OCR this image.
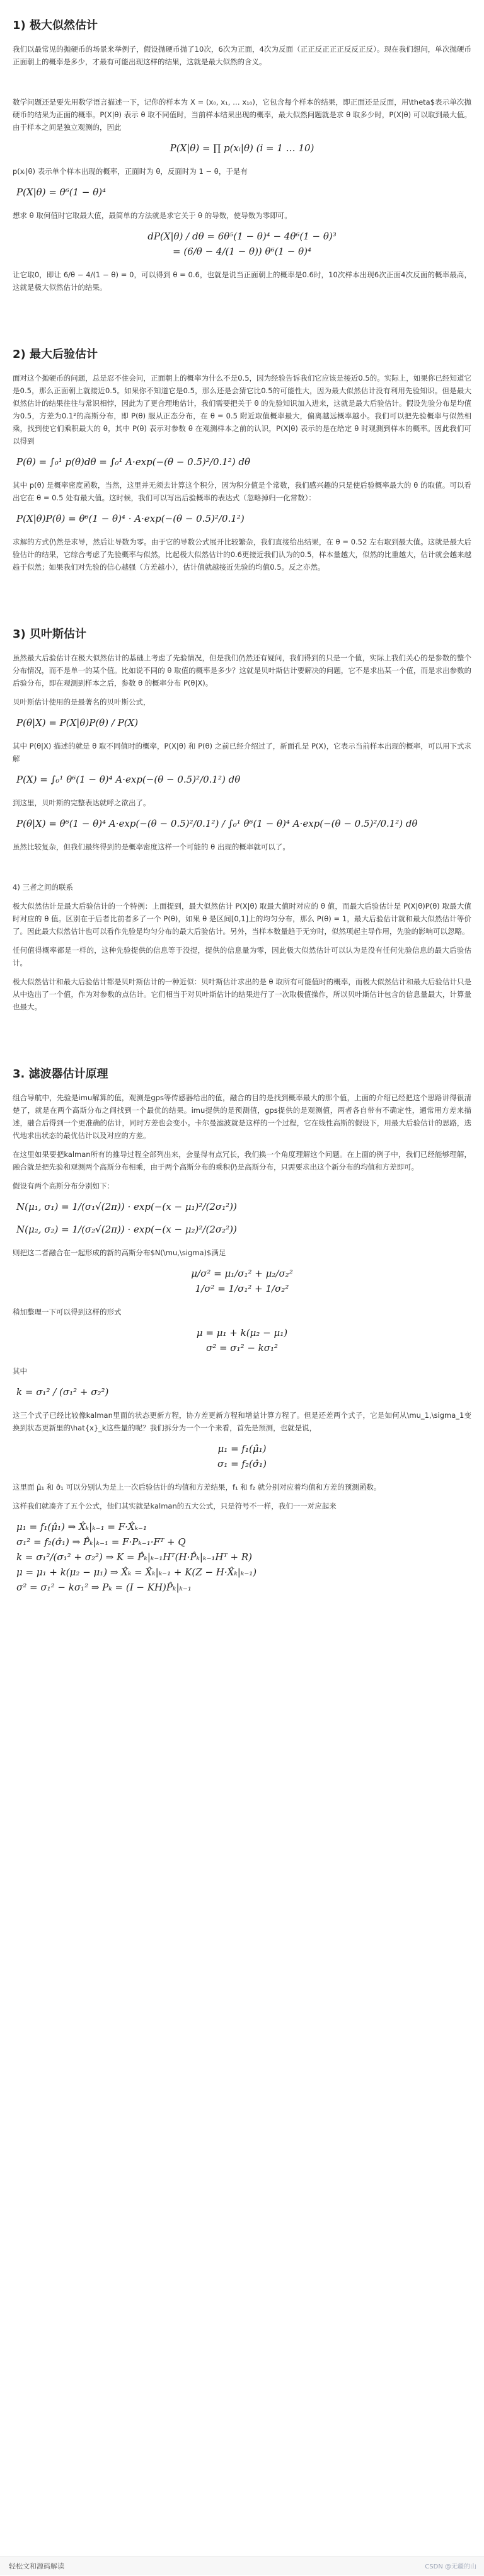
1) 极大似然估计

我们以最常见的抛硬币的场景来举例子，假设抛硬币抛了10次，6次为正面，4次为反面（正正反正正正反反正反）。现在我们想问，单次抛硬币正面朝上的概率是多少，才最有可能出现这样的结果，这就是最大似然的含义。

数学问题还是要先用数学语言描述一下，记你的样本为 X = (x₀, x₁, … x₁₀)，它包含每个样本的结果，即正面还是反面，用\theta$表示单次抛硬币的结果为正面的概率。P(X|θ) 表示 θ 取不同值时，当前样本结果出现的概率，最大似然问题就是求 θ 取多少时，P(X|θ) 可以取到最大值。由于样本之间是独立观测的，因此

P(X|θ) = ∏ p(xᵢ|θ) (i = 1 … 10)

p(xᵢ|θ) 表示单个样本出现的概率，正面时为 θ，反面时为 1 − θ，于是有

P(X|θ) = θ⁶(1 − θ)⁴

想求 θ 取何值时它取最大值，最简单的方法就是求它关于 θ 的导数，使导数为零即可。

dP(X|θ) / dθ = 6θ⁵(1 − θ)⁴ − 4θ⁶(1 − θ)³
= (6/θ − 4/(1 − θ)) θ⁶(1 − θ)⁴

让它取0，即让 6/θ − 4/(1 − θ) = 0，可以得到 θ = 0.6，也就是说当正面朝上的概率是0.6时，10次样本出现6次正面4次反面的概率最高，这就是极大似然估计的结果。

2) 最大后验估计

面对这个抛硬币的问题，总是忍不住会问，正面朝上的概率为什么不是0.5，因为经验告诉我们它应该是接近0.5的。实际上，如果你已经知道它是0.5，那么正面朝上就接近0.5。如果你不知道它是0.5，那么还是会猜它比0.5的可能性大，因为最大似然估计没有利用先验知识。但是最大似然估计的结果往往与常识相悖，因此为了更合理地估计，我们需要把关于 θ 的先验知识加入进来，这就是最大后验估计。假设先验分布是均值为0.5，方差为0.1²的高斯分布，即 P(θ) 服从正态分布，在 θ = 0.5 附近取值概率最大，偏离越远概率越小。我们可以把先验概率与似然相乘，找到使它们乘积最大的 θ，其中 P(θ) 表示对参数 θ 在观测样本之前的认识，P(X|θ) 表示的是在给定 θ 时观测到样本的概率。因此我们可以得到

P(θ) = ∫₀¹ p(θ)dθ = ∫₀¹ A·exp(−(θ − 0.5)²/0.1²) dθ

其中 p(θ) 是概率密度函数，当然，这里并无须去计算这个积分，因为积分值是个常数，我们感兴趣的只是使后验概率最大的 θ 的取值。可以看出它在 θ = 0.5 处有最大值。这时候，我们可以写出后验概率的表达式（忽略掉归一化常数）：

P(X|θ)P(θ) = θ⁶(1 − θ)⁴ · A·exp(−(θ − 0.5)²/0.1²)

求解的方式仍然是求导，然后让导数为零。由于它的导数公式展开比较繁杂，我们直接给出结果，在 θ = 0.52 左右取到最大值。这就是最大后验估计的结果，它综合考虑了先验概率与似然，比起极大似然估计的0.6更接近我们认为的0.5，样本量越大，似然的比重越大，估计就会越来越趋于似然；如果我们对先验的信心越强（方差越小），估计值就越接近先验的均值0.5。反之亦然。

3) 贝叶斯估计

虽然最大后验估计在极大似然估计的基础上考虑了先验情况，但是我们仍然还有疑问，我们得到的只是一个值，实际上我们关心的是参数的整个分布情况，而不是单一的某个值。比如说不同的 θ 取值的概率是多少？这就是贝叶斯估计要解决的问题，它不是求出某一个值，而是求出参数的后验分布，即在观测到样本之后，参数 θ 的概率分布 P(θ|X)。

贝叶斯估计使用的是最著名的贝叶斯公式，

P(θ|X) = P(X|θ)P(θ) / P(X)

其中 P(θ|X) 描述的就是 θ 取不同值时的概率，P(X|θ) 和 P(θ) 之前已经介绍过了，新面孔是 P(X)，它表示当前样本出现的概率，可以用下式求解

P(X) = ∫₀¹ θ⁶(1 − θ)⁴ A·exp(−(θ − 0.5)²/0.1²) dθ

到这里，贝叶斯的完整表达就呼之欲出了。

P(θ|X) = θ⁶(1 − θ)⁴ A·exp(−(θ − 0.5)²/0.1²) / ∫₀¹ θ⁶(1 − θ)⁴ A·exp(−(θ − 0.5)²/0.1²) dθ

虽然比较复杂，但我们最终得到的是概率密度这样一个可能的 θ 出现的概率就可以了。

4) 三者之间的联系

极大似然估计是最大后验估计的一个特例：上面提到，最大似然估计 P(X|θ) 取最大值时对应的 θ 值，而最大后验估计是 P(X|θ)P(θ) 取最大值时对应的 θ 值。区别在于后者比前者多了一个 P(θ)，如果 θ 是区间[0,1]上的均匀分布，那么 P(θ) = 1，最大后验估计就和最大似然估计等价了。因此最大似然估计也可以看作先验是均匀分布的最大后验估计。另外，当样本数量趋于无穷时，似然项起主导作用，先验的影响可以忽略。

任何值得概率都是一样的，这种先验提供的信息等于没提，提供的信息量为零，因此极大似然估计可以认为是没有任何先验信息的最大后验估计。

极大似然估计和最大后验估计都是贝叶斯估计的一种近似：贝叶斯估计求出的是 θ 取所有可能值时的概率，而极大似然估计和最大后验估计只是从中选出了一个值，作为对参数的点估计。它们相当于对贝叶斯估计的结果进行了一次取极值操作，所以贝叶斯估计包含的信息量最大，计算量也最大。

3. 滤波器估计原理

组合导航中，先验是imu解算的值，观测是gps等传感器给出的值，融合的目的是找到概率最大的那个值，上面的介绍已经把这个思路讲得很清楚了，就是在两个高斯分布之间找到一个最优的结果。imu提供的是预测值，gps提供的是观测值，两者各自带有不确定性，通常用方差来描述，融合后得到一个更准确的估计，同时方差也会变小。卡尔曼滤波就是这样的一个过程，它在线性高斯的假设下，用最大后验估计的思路，迭代地求出状态的最优估计以及对应的方差。

在这里如果要把kalman所有的推导过程全部列出来，会显得有点冗长，我们换一个角度理解这个问题。在上面的例子中，我们已经能够理解，融合就是把先验和观测两个高斯分布相乘，由于两个高斯分布的乘积仍是高斯分布，只需要求出这个新分布的均值和方差即可。

假设有两个高斯分布分别如下：

N(μ₁, σ₁) = 1/(σ₁√(2π)) · exp(−(x − μ₁)²/(2σ₁²))
N(μ₂, σ₂) = 1/(σ₂√(2π)) · exp(−(x − μ₂)²/(2σ₂²))

则把这二者融合在一起形成的新的高斯分布$N(\mu,\sigma)$满足

μ/σ² = μ₁/σ₁² + μ₂/σ₂²
1/σ² = 1/σ₁² + 1/σ₂²

稍加整理一下可以得到这样的形式

μ = μ₁ + k(μ₂ − μ₁)
σ² = σ₁² − kσ₁²

其中

k = σ₁² / (σ₁² + σ₂²)

这三个式子已经比较像kalman里面的状态更新方程，协方差更新方程和增益计算方程了。但是还差两个式子，它是如何从\mu_1,\sigma_1变换到状态更新里的\hat{x}_k这些量的呢？我们拆分为一个一个来看，首先是预测，也就是说，

μ₁ = f₁(μ̂₁)
σ₁ = f₂(σ̂₁)

这里面 μ̂₁ 和 σ̂₁ 可以分别认为是上一次后验估计的均值和方差结果，f₁ 和 f₂ 就分别对应着均值和方差的预测函数。

这样我们就凑齐了五个公式，他们其实就是kalman的五大公式，只是符号不一样，我们一一对应起来

μ₁ = f₁(μ̂₁) ⇒ X̂ₖ|ₖ₋₁ = F·X̂ₖ₋₁
σ₁² = f₂(σ̂₁) ⇒ P̂ₖ|ₖ₋₁ = F·Pₖ₋₁·Fᵀ + Q
k = σ₁²/(σ₁² + σ₂²) ⇒ K = P̂ₖ|ₖ₋₁Hᵀ(H·P̂ₖ|ₖ₋₁Hᵀ + R)
μ = μ₁ + k(μ₂ − μ₁) ⇒ X̂ₖ = X̂ₖ|ₖ₋₁ + K(Z − H·X̂ₖ|ₖ₋₁)
σ² = σ₁² − kσ₁² ⇒ Pₖ = (I − KH)P̂ₖ|ₖ₋₁
轻松文和源码解读	CSDN @无疆的山
